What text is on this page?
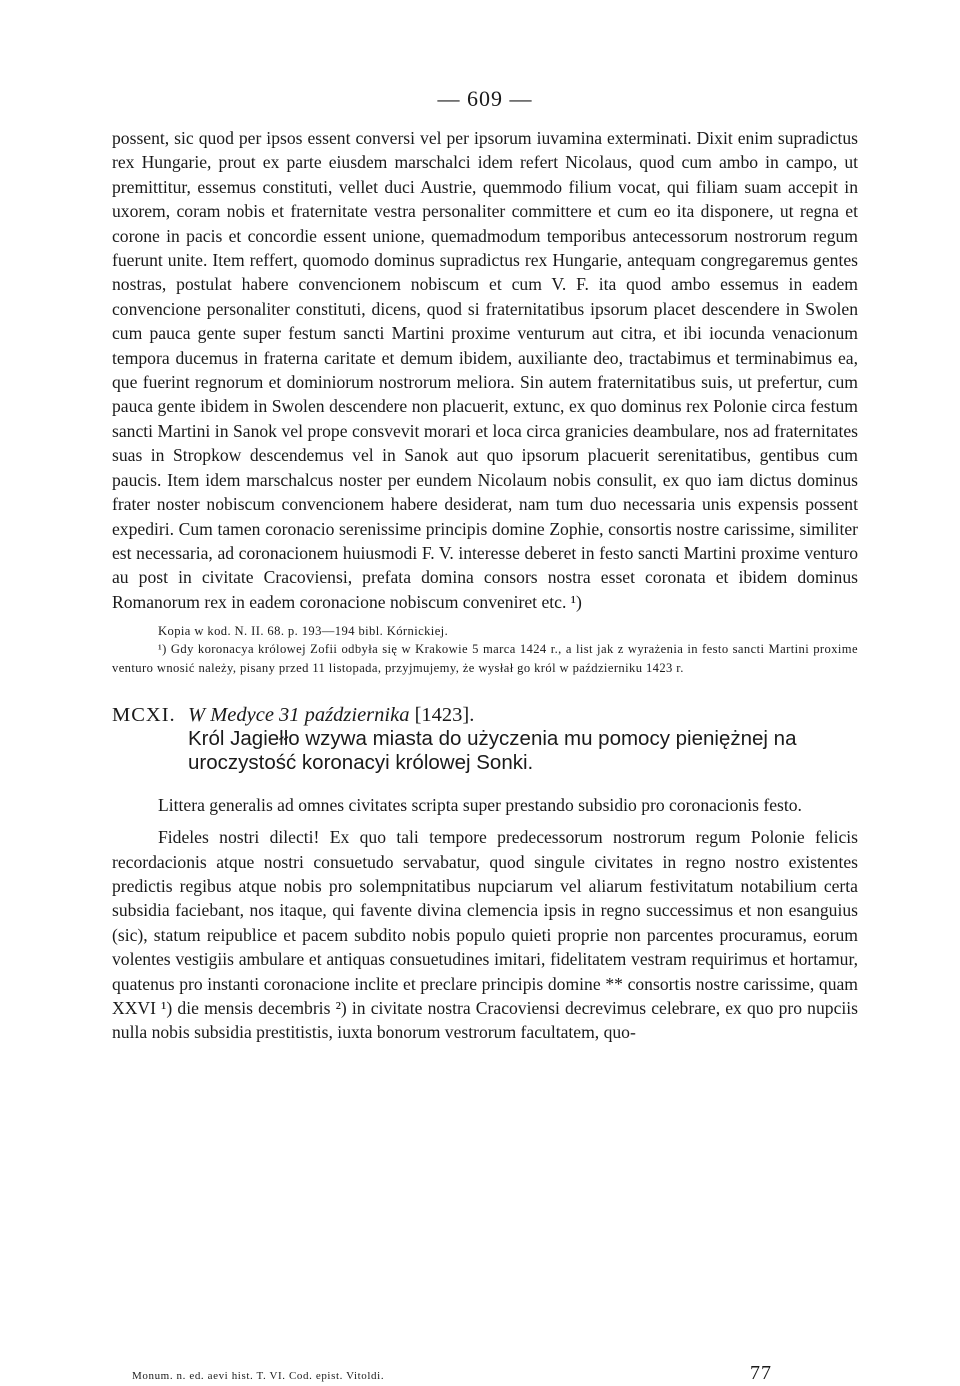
— 609 —

possent, sic quod per ipsos essent conversi vel per ipsorum iuvamina exterminati. Dixit enim supradictus rex Hungarie, prout ex parte eiusdem marschalci idem refert Nicolaus, quod cum ambo in campo, ut premittitur, essemus constituti, vellet duci Austrie, quemmodo filium vocat, qui filiam suam accepit in uxorem, coram nobis et fraternitate vestra personaliter committere et cum eo ita disponere, ut regna et corone in pacis et concordie essent unione, quemadmodum temporibus antecessorum nostrorum regum fuerunt unite. Item reffert, quomodo dominus supradictus rex Hungarie, antequam congregaremus gentes nostras, postulat habere convencionem nobiscum et cum V. F. ita quod ambo essemus in eadem convencione personaliter constituti, dicens, quod si fraternitatibus ipsorum placet descendere in Swolen cum pauca gente super festum sancti Martini proxime venturum aut citra, et ibi iocunda venacionum tempora ducemus in fraterna caritate et demum ibidem, auxiliante deo, tractabimus et terminabimus ea, que fuerint regnorum et dominiorum nostrorum meliora. Sin autem fraternitatibus suis, ut prefertur, cum pauca gente ibidem in Swolen descendere non placuerit, extunc, ex quo dominus rex Polonie circa festum sancti Martini in Sanok vel prope consvevit morari et loca circa granicies deambulare, nos ad fraternitates suas in Stropkow descendemus vel in Sanok aut quo ipsorum placuerit serenitatibus, gentibus cum paucis. Item idem marschalcus noster per eundem Nicolaum nobis consulit, ex quo iam dictus dominus frater noster nobiscum convencionem habere desiderat, nam tum duo necessaria unis expensis possent expediri. Cum tamen coronacio serenissime principis domine Zophie, consortis nostre carissime, similiter est necessaria, ad coronacionem huiusmodi F. V. interesse deberet in festo sancti Martini proxime venturo au post in civitate Cracoviensi, prefata domina consors nostra esset coronata et ibidem dominus Romanorum rex in eadem coronacione nobiscum conveniret etc. ¹)

Kopia w kod. N. II. 68. p. 193—194 bibl. Kórnickiej.

¹) Gdy koronacya królowej Zofii odbyła się w Krakowie 5 marca 1424 r., a list jak z wyrażenia in festo sancti Martini proxime venturo wnosić należy, pisany przed 11 listopada, przyjmujemy, że wysłał go król w październiku 1423 r.

MCXI. W Medyce 31 października [1423].

Król Jagiełło wzywa miasta do użyczenia mu pomocy pieniężnej na uroczystość koronacyi królowej Sonki.

Littera generalis ad omnes civitates scripta super prestando subsidio pro coronacionis festo.

Fideles nostri dilecti! Ex quo tali tempore predecessorum nostrorum regum Polonie felicis recordacionis atque nostri consuetudo servabatur, quod singule civitates in regno nostro existentes predictis regibus atque nobis pro solempnitatibus nupciarum vel aliarum festivitatum notabilium certa subsidia faciebant, nos itaque, qui favente divina clemencia ipsis in regno successimus et non esanguius (sic), statum reipublice et pacem subdito nobis populo quieti proprie non parcentes procuramus, eorum volentes vestigiis ambulare et antiquas consuetudines imitari, fidelitatem vestram requirimus et hortamur, quatenus pro instanti coronacione inclite et preclare principis domine ** consortis nostre carissime, quam XXVI ¹) die mensis decembris ²) in civitate nostra Cracoviensi decrevimus celebrare, ex quo pro nupciis nulla nobis subsidia prestitistis, iuxta bonorum vestrorum facultatem, quo-

Monum. n. ed. aevi hist. T. VI. Cod. epist. Vitoldi.	77
